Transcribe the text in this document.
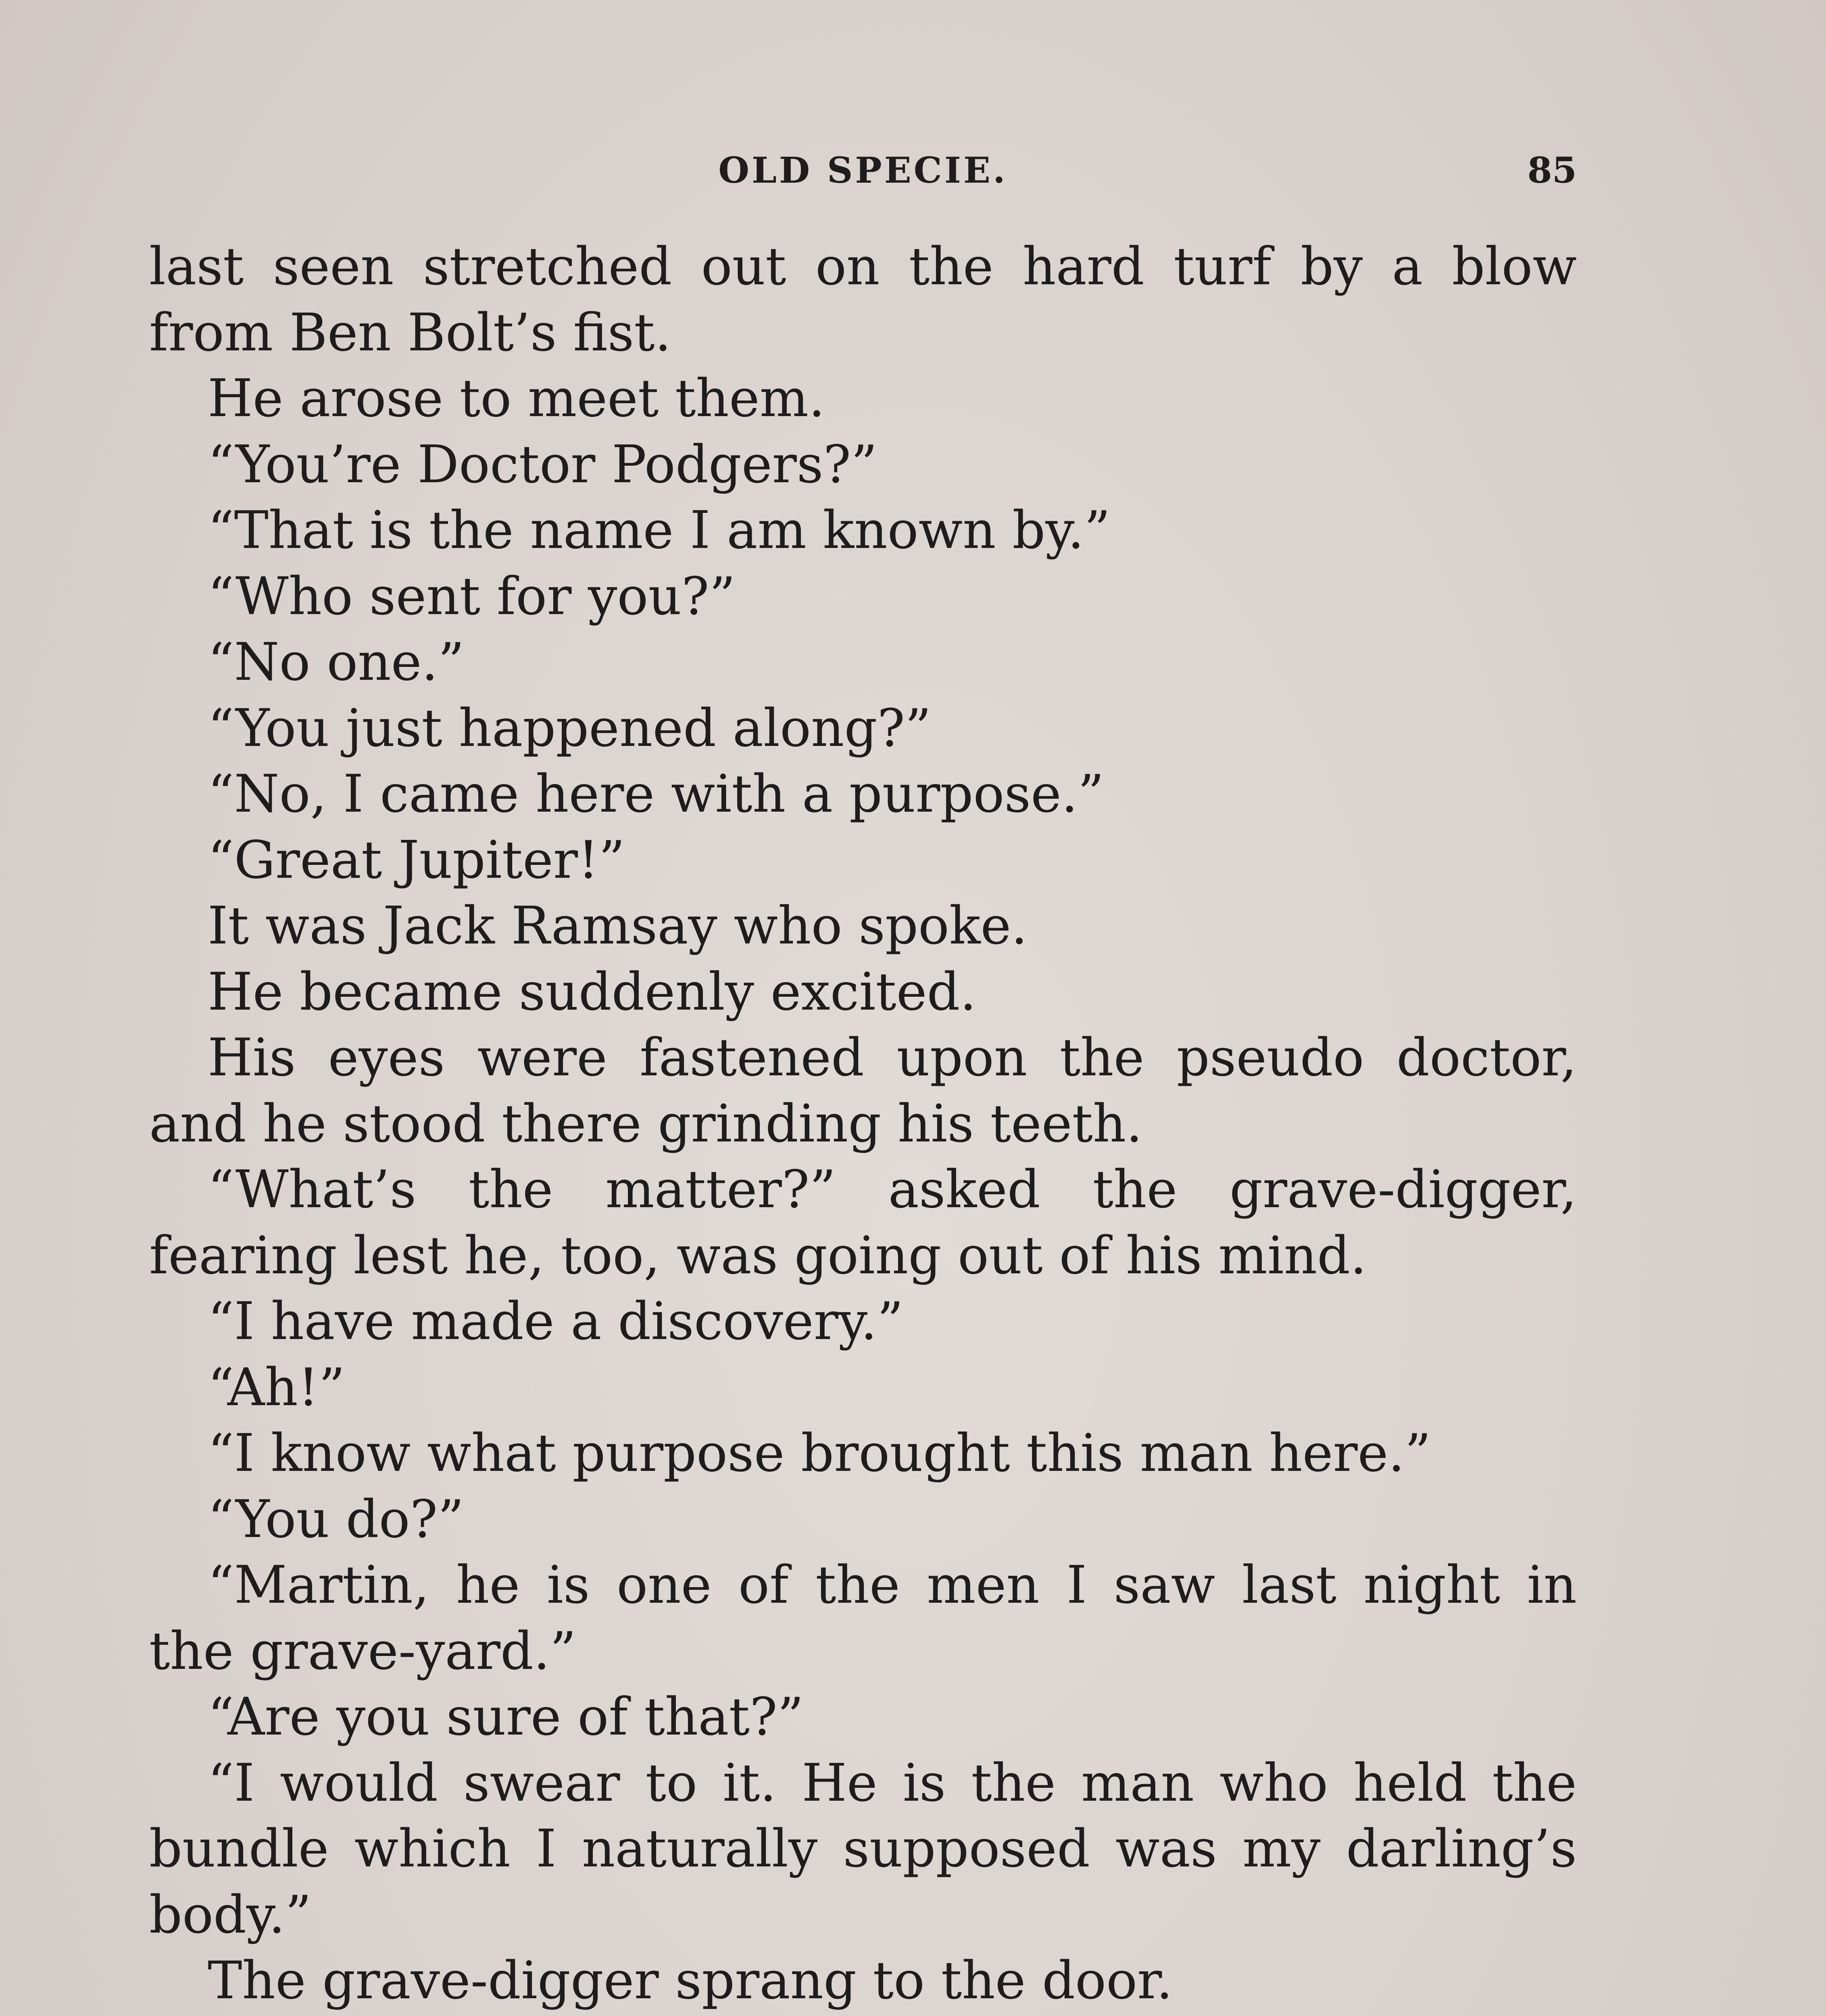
OLD SPECIE.	85
last seen stretched out on the hard turf by a blow
from Ben Bolt’s fist.
He arose to meet them.
“You’re Doctor Podgers?”
“That is the name I am known by.”
“Who sent for you?”
“No one.”
“You just happened along?”
“No, I came here with a purpose.”
“Great Jupiter!”
It was Jack Ramsay who spoke.
He became suddenly excited.
His eyes were fastened upon the pseudo doctor,
and he stood there grinding his teeth.
“What’s the matter?” asked the grave-digger,
fearing lest he, too, was going out of his mind.
“I have made a discovery.”
“Ah!”
“I know what purpose brought this man here.”
“You do?”
“Martin, he is one of the men I saw last night in
the grave-yard.”
“Are you sure of that?”
“I would swear to it. He is the man who held the
bundle which I naturally supposed was my darling’s
body.”
The grave-digger sprang to the door.
